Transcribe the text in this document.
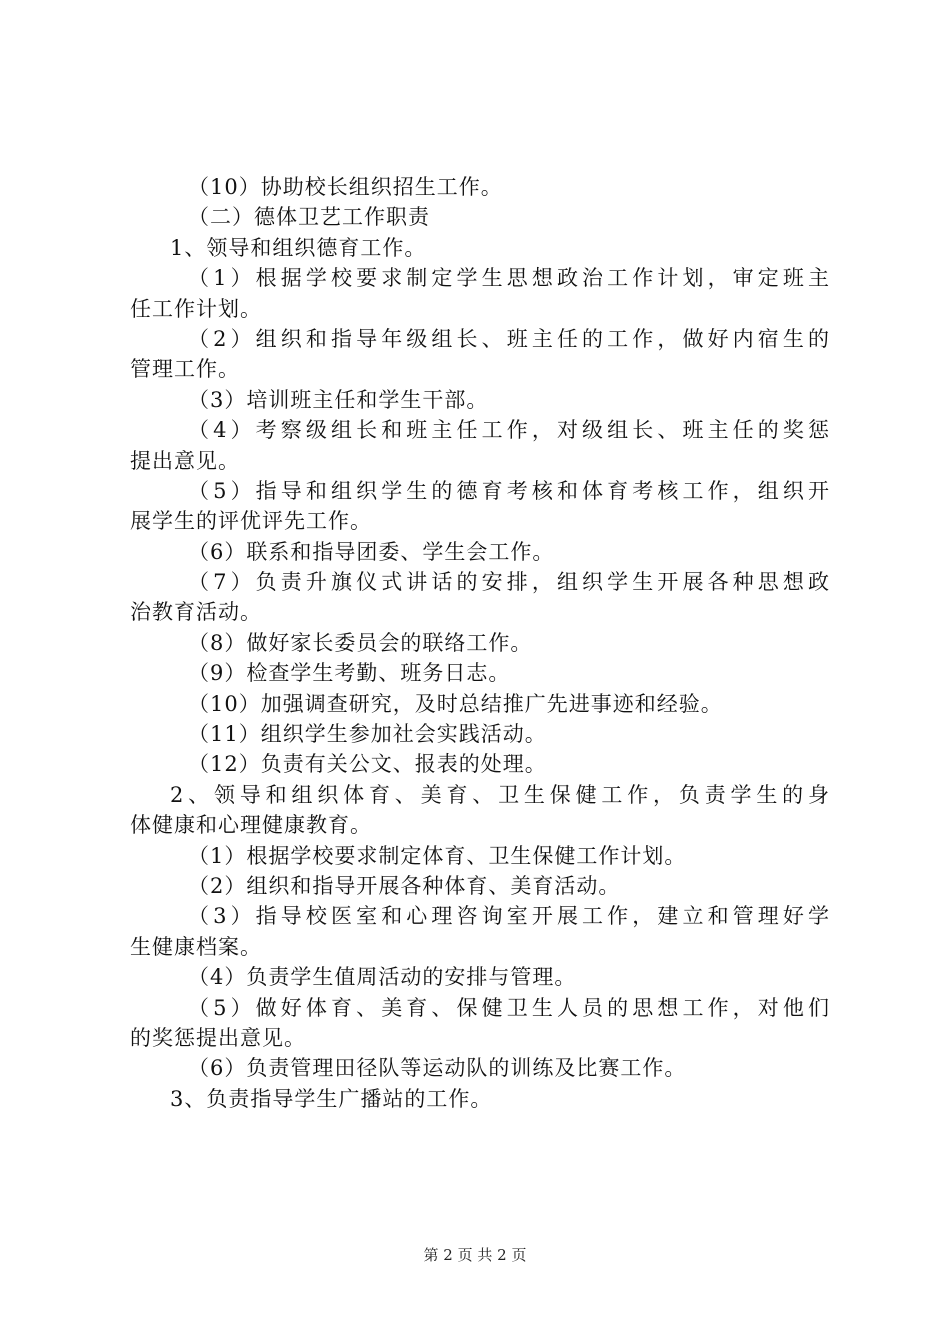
（10）协助校长组织招生工作。
（二）德体卫艺工作职责
1、领导和组织德育工作。
（1）根据学校要求制定学生思想政治工作计划，审定班主
任工作计划。
（2）组织和指导年级组长、班主任的工作，做好内宿生的
管理工作。
（3）培训班主任和学生干部。
（4）考察级组长和班主任工作，对级组长、班主任的奖惩
提出意见。
（5）指导和组织学生的德育考核和体育考核工作，组织开
展学生的评优评先工作。
（6）联系和指导团委、学生会工作。
（7）负责升旗仪式讲话的安排，组织学生开展各种思想政
治教育活动。
（8）做好家长委员会的联络工作。
（9）检查学生考勤、班务日志。
（10）加强调查研究，及时总结推广先进事迹和经验。
（11）组织学生参加社会实践活动。
（12）负责有关公文、报表的处理。
2、领导和组织体育、美育、卫生保健工作，负责学生的身
体健康和心理健康教育。
（1）根据学校要求制定体育、卫生保健工作计划。
（2）组织和指导开展各种体育、美育活动。
（3）指导校医室和心理咨询室开展工作，建立和管理好学
生健康档案。
（4）负责学生值周活动的安排与管理。
（5）做好体育、美育、保健卫生人员的思想工作，对他们
的奖惩提出意见。
（6）负责管理田径队等运动队的训练及比赛工作。
3、负责指导学生广播站的工作。
第 2 页 共 2 页
